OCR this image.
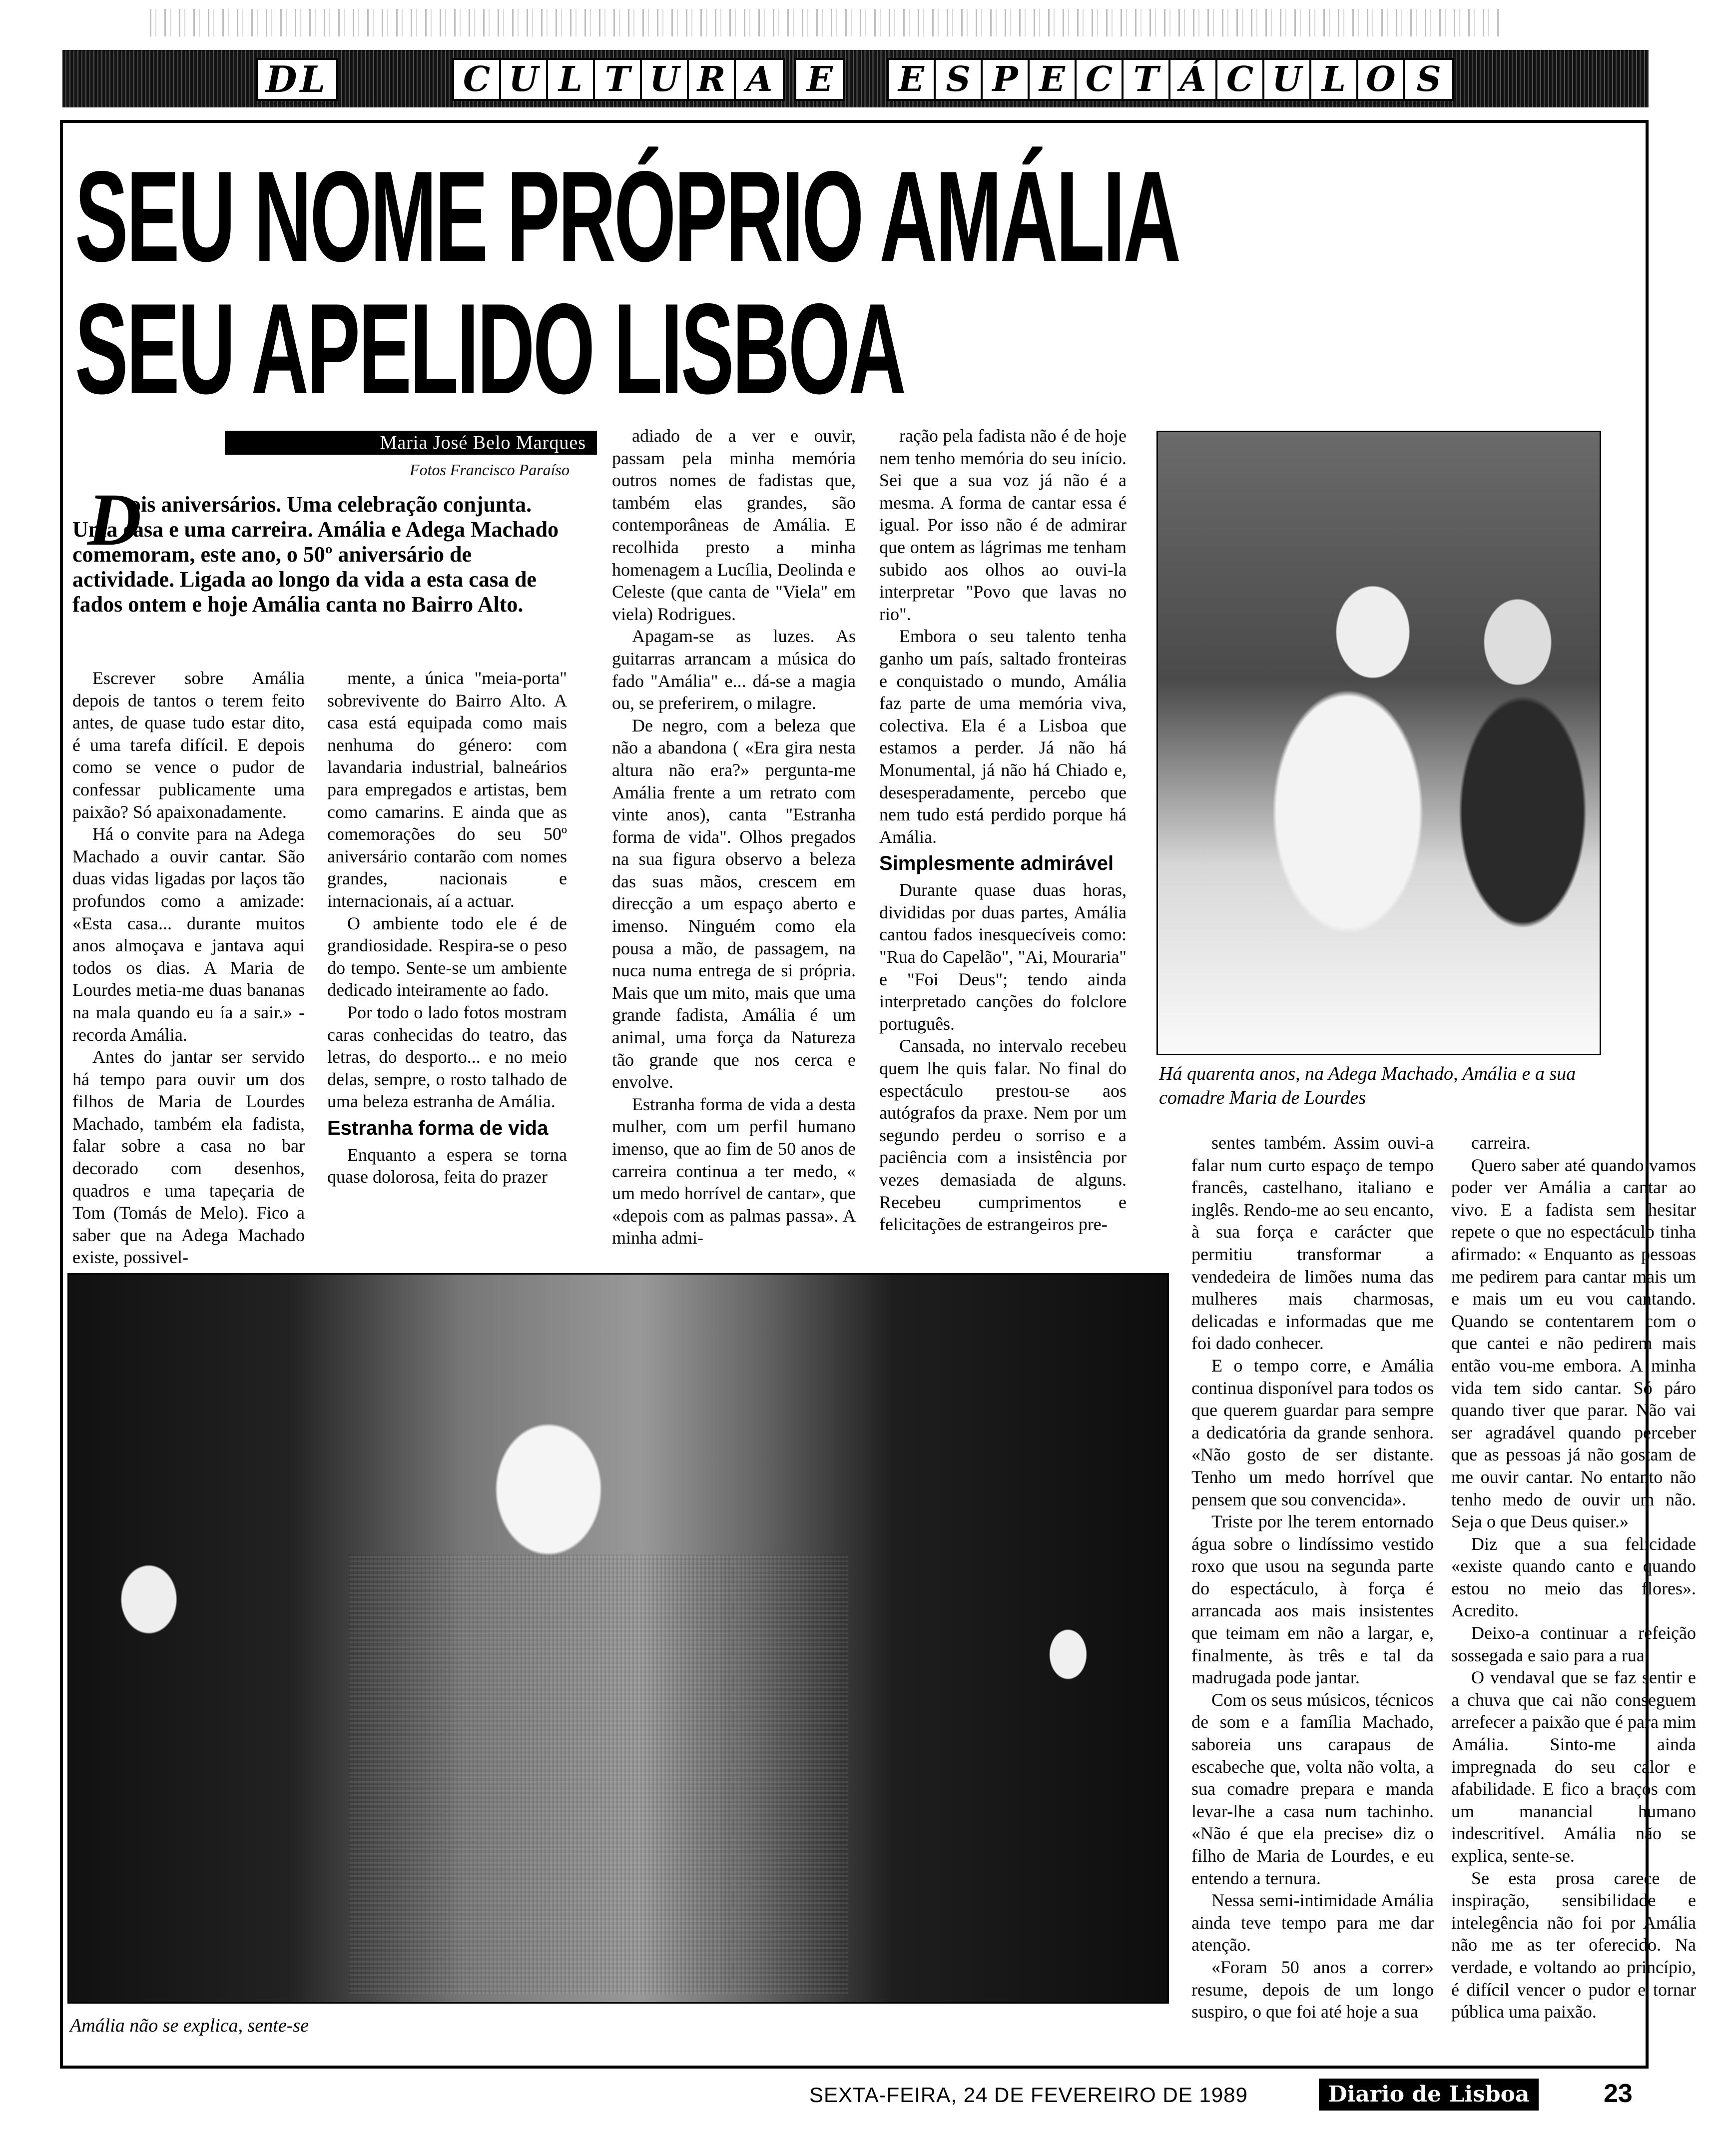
DL	C U L T U R A	E	E S P E C T Á C U L O S
SEU NOME PRÓPRIO AMÁLIA
SEU APELIDO LISBOA
Maria José Belo Marques
Fotos Francisco Paraíso
D
ois aniversários. Uma celebração conjunta. Uma casa e uma carreira. Amália e Adega Machado comemoram, este ano, o 50º aniversário de actividade. Ligada ao longo da vida a esta casa de fados ontem e hoje Amália canta no Bairro Alto.

Escrever sobre Amália depois de tantos o terem feito antes, de quase tudo estar dito, é uma tarefa difícil. E depois como se vence o pudor de confessar publicamente uma paixão? Só apaixonadamente.

Há o convite para na Adega Machado a ouvir cantar. São duas vidas ligadas por laços tão profundos como a amizade: «Esta casa... durante muitos anos almoçava e jantava aqui todos os dias. A Maria de Lourdes metia-me duas bananas na mala quando eu ía a sair.» - recorda Amália.

Antes do jantar ser servido há tempo para ouvir um dos filhos de Maria de Lourdes Machado, também ela fadista, falar sobre a casa no bar decorado com desenhos, quadros e uma tapeçaria de Tom (Tomás de Melo). Fico a saber que na Adega Machado existe, possivel-

mente, a única "meia-porta" sobrevivente do Bairro Alto. A casa está equipada como mais nenhuma do género: com lavandaria industrial, balneários para empregados e artistas, bem como camarins. E ainda que as comemorações do seu 50º aniversário contarão com nomes grandes, nacionais e internacionais, aí a actuar.

O ambiente todo ele é de grandiosidade. Respira-se o peso do tempo. Sente-se um ambiente dedicado inteiramente ao fado.

Por todo o lado fotos mostram caras conhecidas do teatro, das letras, do desporto... e no meio delas, sempre, o rosto talhado de uma beleza estranha de Amália.

Estranha forma de vida

Enquanto a espera se torna quase dolorosa, feita do prazer

adiado de a ver e ouvir, passam pela minha memória outros nomes de fadistas que, também elas grandes, são contemporâneas de Amália. E recolhida presto a minha homenagem a Lucília, Deolinda e Celeste (que canta de "Viela" em viela) Rodrigues.

Apagam-se as luzes. As guitarras arrancam a música do fado "Amália" e... dá-se a magia ou, se preferirem, o milagre.

De negro, com a beleza que não a abandona ( «Era gira nesta altura não era?» pergunta-me Amália frente a um retrato com vinte anos), canta "Estranha forma de vida". Olhos pregados na sua figura observo a beleza das suas mãos, crescem em direcção a um espaço aberto e imenso. Ninguém como ela pousa a mão, de passagem, na nuca numa entrega de si própria. Mais que um mito, mais que uma grande fadista, Amália é um animal, uma força da Natureza tão grande que nos cerca e envolve.

Estranha forma de vida a desta mulher, com um perfil humano imenso, que ao fim de 50 anos de carreira continua a ter medo, « um medo horrível de cantar», que «depois com as palmas passa». A minha admi-

ração pela fadista não é de hoje nem tenho memória do seu início. Sei que a sua voz já não é a mesma. A forma de cantar essa é igual. Por isso não é de admirar que ontem as lágrimas me tenham subido aos olhos ao ouvi-la interpretar "Povo que lavas no rio".

Embora o seu talento tenha ganho um país, saltado fronteiras e conquistado o mundo, Amália faz parte de uma memória viva, colectiva. Ela é a Lisboa que estamos a perder. Já não há Monumental, já não há Chiado e, desesperadamente, percebo que nem tudo está perdido porque há Amália.

Simplesmente admirável

Durante quase duas horas, divididas por duas partes, Amália cantou fados inesquecíveis como: "Rua do Capelão", "Ai, Mouraria" e "Foi Deus"; tendo ainda interpretado canções do folclore português.

Cansada, no intervalo recebeu quem lhe quis falar. No final do espectáculo prestou-se aos autógrafos da praxe. Nem por um segundo perdeu o sorriso e a paciência com a insistência por vezes demasiada de alguns. Recebeu cumprimentos e felicitações de estrangeiros pre-

sentes também. Assim ouvi-a falar num curto espaço de tempo francês, castelhano, italiano e inglês. Rendo-me ao seu encanto, à sua força e carácter que permitiu transformar a vendedeira de limões numa das mulheres mais charmosas, delicadas e informadas que me foi dado conhecer.

E o tempo corre, e Amália continua disponível para todos os que querem guardar para sempre a dedicatória da grande senhora. «Não gosto de ser distante. Tenho um medo horrível que pensem que sou convencida».

Triste por lhe terem entornado água sobre o lindíssimo vestido roxo que usou na segunda parte do espectáculo, à força é arrancada aos mais insistentes que teimam em não a largar, e, finalmente, às três e tal da madrugada pode jantar.

Com os seus músicos, técnicos de som e a família Machado, saboreia uns carapaus de escabeche que, volta não volta, a sua comadre prepara e manda levar-lhe a casa num tachinho. «Não é que ela precise» diz o filho de Maria de Lourdes, e eu entendo a ternura.

Nessa semi-intimidade Amália ainda teve tempo para me dar atenção.

«Foram 50 anos a correr» resume, depois de um longo suspiro, o que foi até hoje a sua

carreira.

Quero saber até quando vamos poder ver Amália a cantar ao vivo. E a fadista sem hesitar repete o que no espectáculo tinha afirmado: « Enquanto as pessoas me pedirem para cantar mais um e mais um eu vou cantando. Quando se contentarem com o que cantei e não pedirem mais então vou-me embora. A minha vida tem sido cantar. Só páro quando tiver que parar. Não vai ser agradável quando perceber que as pessoas já não gostam de me ouvir cantar. No entanto não tenho medo de ouvir um não. Seja o que Deus quiser.»

Diz que a sua felicidade «existe quando canto e quando estou no meio das flores». Acredito.

Deixo-a continuar a refeição sossegada e saio para a rua.

O vendaval que se faz sentir e a chuva que cai não conseguem arrefecer a paixão que é para mim Amália. Sinto-me ainda impregnada do seu calor e afabilidade. E fico a braços com um manancial humano indescritível. Amália não se explica, sente-se.

Se esta prosa carece de inspiração, sensibilidade e intelegência não foi por Amália não me as ter oferecido. Na verdade, e voltando ao princípio, é difícil vencer o pudor e tornar pública uma paixão.

Há quarenta anos, na Adega Machado, Amália e a sua comadre Maria de Lourdes
Amália não se explica, sente-se
SEXTA-FEIRA, 24 DE FEVEREIRO DE 1989	Diario de Lisboa	23
